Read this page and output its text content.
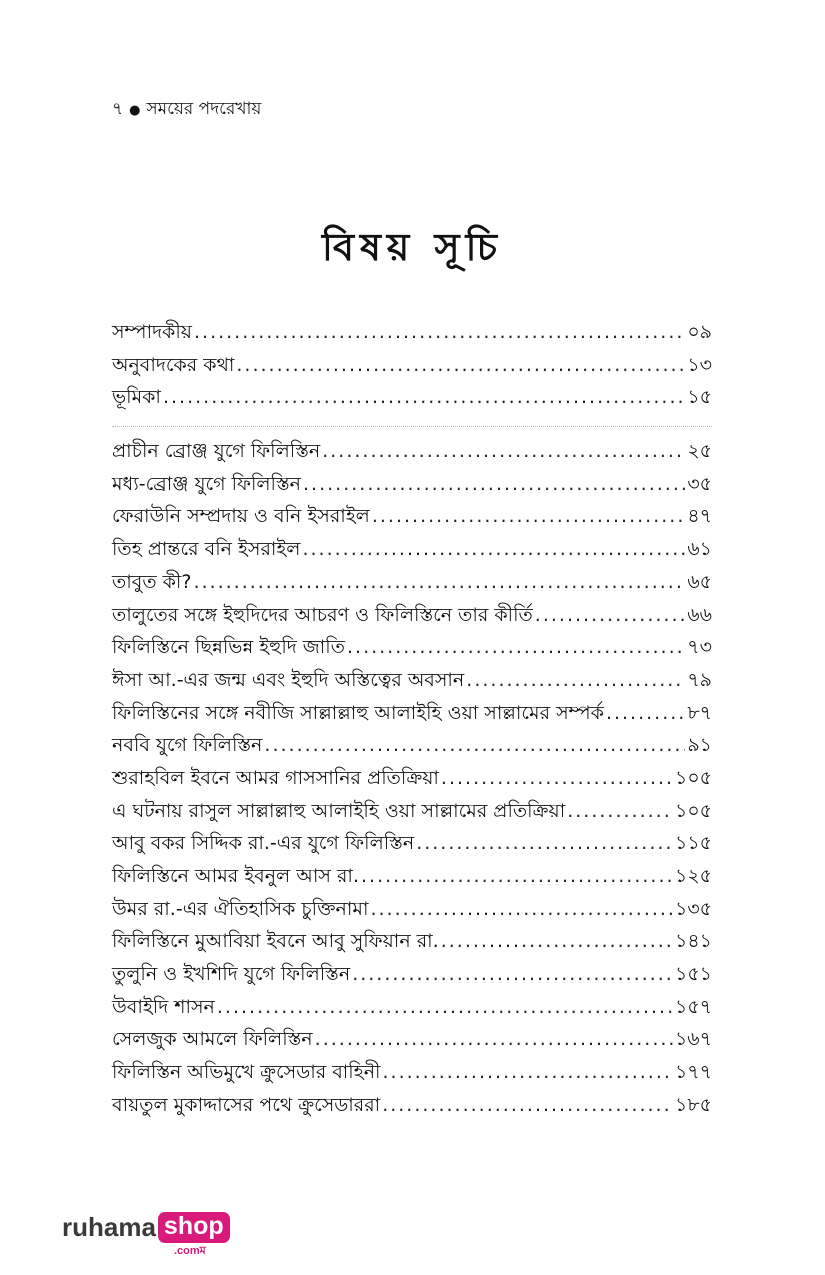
৭ ● সময়ের পদরেখায়
বিষয় সূচি
সম্পাদকীয় .....	০৯
অনুবাদকের কথা .....	১৩
ভূমিকা .....	১৫
প্রাচীন ব্রোঞ্জ যুগে ফিলিস্তিন .....	২৫
মধ্য-ব্রোঞ্জ যুগে ফিলিস্তিন .....	৩৫
ফেরাউনি সম্প্রদায় ও বনি ইসরাইল .....	৪৭
তিহ প্রান্তরে বনি ইসরাইল .....	৬১
তাবুত কী? .....	৬৫
তালুতের সঙ্গে ইহুদিদের আচরণ ও ফিলিস্তিনে তার কীর্তি .....	৬৬
ফিলিস্তিনে ছিন্নভিন্ন ইহুদি জাতি .....	৭৩
ঈসা আ.-এর জন্ম এবং ইহুদি অস্তিত্বের অবসান .....	৭৯
ফিলিস্তিনের সঙ্গে নবীজি সাল্লাল্লাহু আলাইহি ওয়া সাল্লামের সম্পর্ক .....	৮৭
নববি যুগে ফিলিস্তিন .....	৯১
শুরাহবিল ইবনে আমর গাসসানির প্রতিক্রিয়া .....	১০৫
এ ঘটনায় রাসুল সাল্লাল্লাহু আলাইহি ওয়া সাল্লামের প্রতিক্রিয়া .....	১০৫
আবু বকর সিদ্দিক রা.-এর যুগে ফিলিস্তিন .....	১১৫
ফিলিস্তিনে আমর ইবনুল আস রা. .....	১২৫
উমর রা.-এর ঐতিহাসিক চুক্তিনামা .....	১৩৫
ফিলিস্তিনে মুআবিয়া ইবনে আবু সুফিয়ান রা. .....	১৪১
তুলুনি ও ইখশিদি যুগে ফিলিস্তিন .....	১৫১
উবাইদি শাসন .....	১৫৭
সেলজুক আমলে ফিলিস্তিন .....	১৬৭
ফিলিস্তিন অভিমুখে ক্রুসেডার বাহিনী .....	১৭৭
বায়তুল মুকাদ্দাসের পথে ক্রুসেডাররা .....	১৮৫
ruhama shop
.comম
